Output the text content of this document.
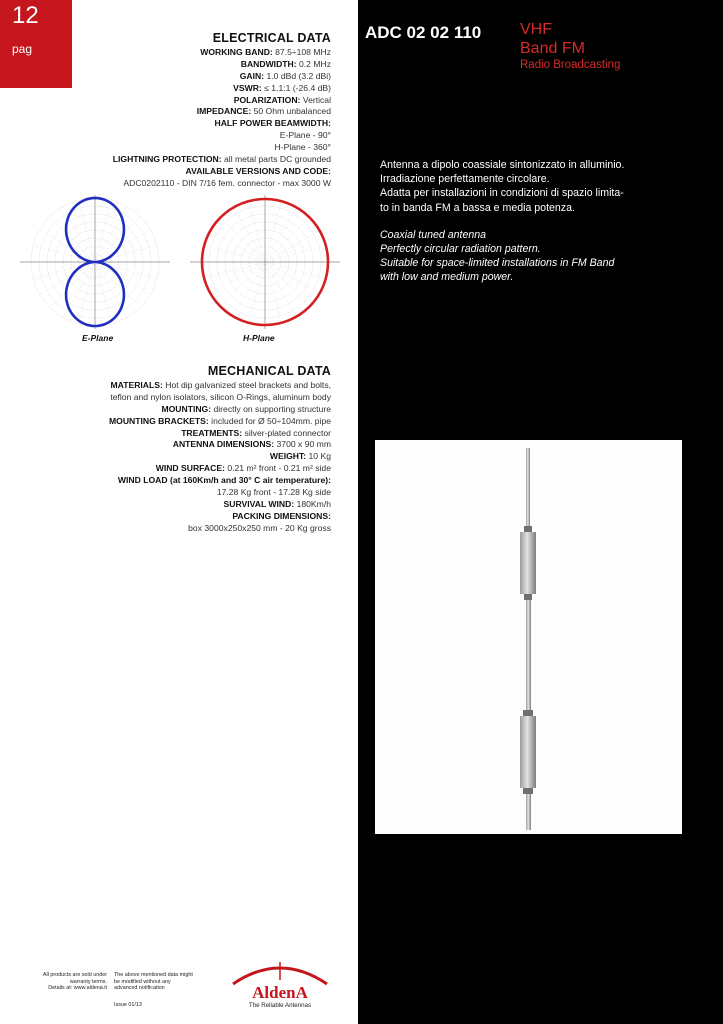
12
pag
ELECTRICAL DATA
WORKING BAND: 87.5÷108 MHz
BANDWIDTH: 0.2 MHz
GAIN: 1.0 dBd (3.2 dBi)
VSWR: ≤ 1.1:1 (-26.4 dB)
POLARIZATION: Vertical
IMPEDANCE: 50 Ohm unbalanced
HALF POWER BEAMWIDTH:
E-Plane - 90°
H-Plane - 360°
LIGHTNING PROTECTION: all metal parts DC grounded
AVAILABLE VERSIONS AND CODE:
ADC0202110 - DIN 7/16 fem. connector - max 3000 W
E-Plane	H-Plane
MECHANICAL DATA
MATERIALS: Hot dip galvanized steel brackets and bolts,
teflon and nylon isolators, silicon O-Rings, aluminum body
MOUNTING: directly on supporting structure
MOUNTING BRACKETS: included for Ø 50÷104mm. pipe
TREATMENTS: silver-plated connector
ANTENNA DIMENSIONS: 3700 x 90 mm
WEIGHT: 10 Kg
WIND SURFACE: 0.21 m² front - 0.21 m² side
WIND LOAD (at 160Km/h and 30° C air temperature):
17.28 Kg front - 17.28 Kg side
SURVIVAL WIND: 180Km/h
PACKING DIMENSIONS:
box 3000x250x250 mm - 20 Kg gross
All products are sold under
warranty terms.
Details at: www.aldena.it
The above mentioned data might
be modified without any
advanced notification
Issue 01/13
AldenA
The Reliable Antennas
ADC 02 02 110 VHF
Band FM
Radio Broadcasting

Antenna a dipolo coassiale sintonizzato in alluminio.
Irradiazione perfettamente circolare.
Adatta per installazioni in condizioni di spazio limita-
to in banda FM a bassa e media potenza.

Coaxial tuned antenna
Perfectly circular radiation pattern.
Suitable for space-limited installations in FM Band
with low and medium power.
